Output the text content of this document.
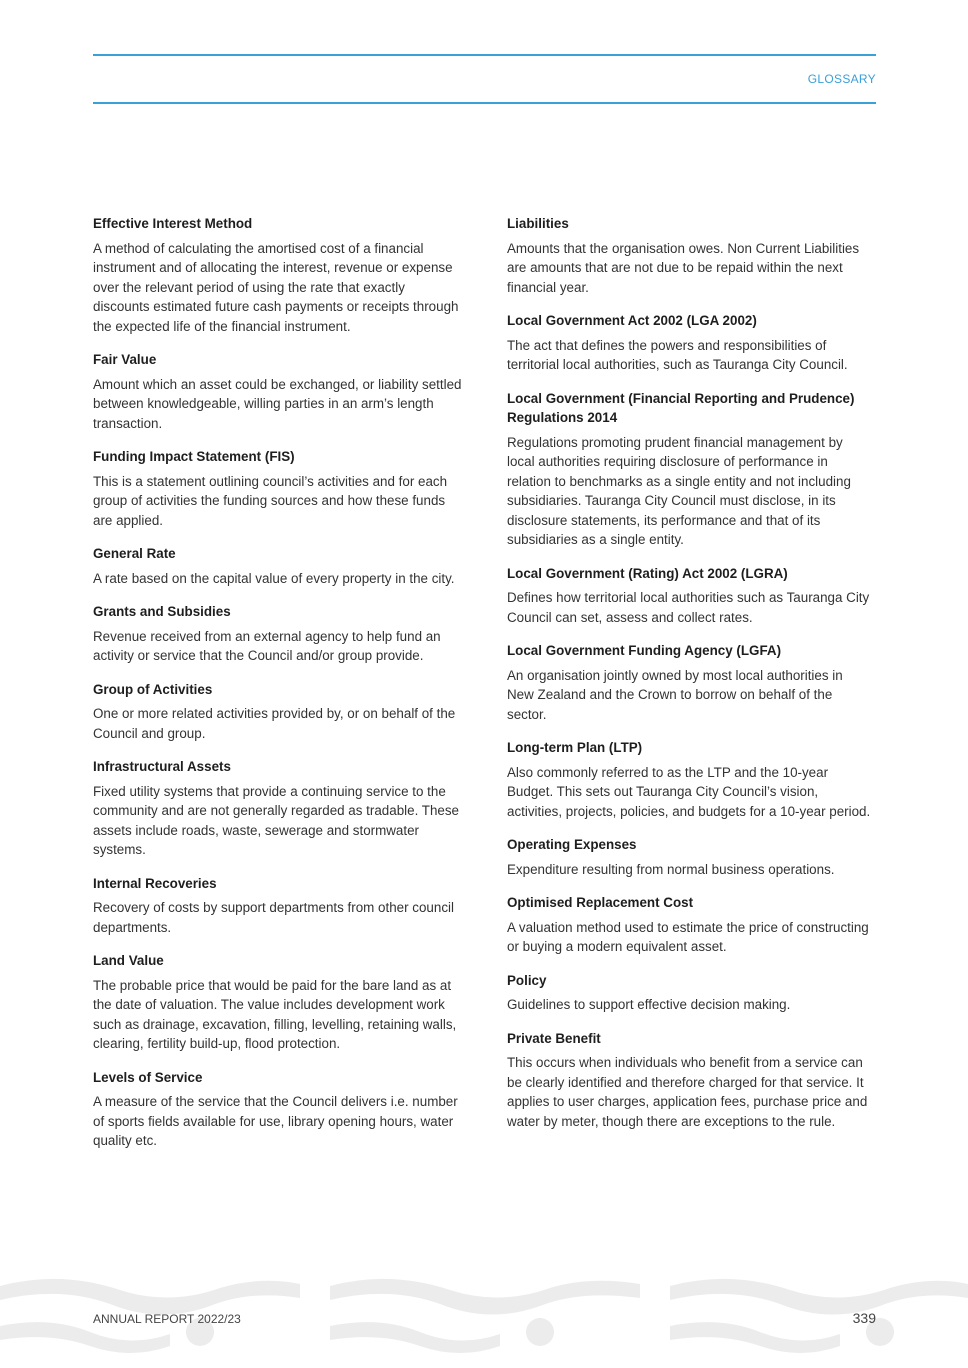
GLOSSARY
Effective Interest Method

A method of calculating the amortised cost of a financial instrument and of allocating the interest, revenue or expense over the relevant period of using the rate that exactly discounts estimated future cash payments or receipts through the expected life of the financial instrument.

Fair Value

Amount which an asset could be exchanged, or liability settled between knowledgeable, willing parties in an arm’s length transaction.

Funding Impact Statement (FIS)

This is a statement outlining council’s activities and for each group of activities the funding sources and how these funds are applied.

General Rate

A rate based on the capital value of every property in the city.

Grants and Subsidies

Revenue received from an external agency to help fund an activity or service that the Council and/or group provide.

Group of Activities

One or more related activities provided by, or on behalf of the Council and group.

Infrastructural Assets

Fixed utility systems that provide a continuing service to the community and are not generally regarded as tradable. These assets include roads, waste, sewerage and stormwater systems.

Internal Recoveries

Recovery of costs by support departments from other council departments.

Land Value

The probable price that would be paid for the bare land as at the date of valuation. The value includes development work such as drainage, excavation, filling, levelling, retaining walls, clearing, fertility build-up, flood protection.

Levels of Service

A measure of the service that the Council delivers i.e. number of sports fields available for use, library opening hours, water quality etc.

Liabilities

Amounts that the organisation owes. Non Current Liabilities are amounts that are not due to be repaid within the next financial year.

Local Government Act 2002 (LGA 2002)

The act that defines the powers and responsibilities of territorial local authorities, such as Tauranga City Council.

Local Government (Financial Reporting and Prudence) Regulations 2014

Regulations promoting prudent financial management by local authorities requiring disclosure of performance in relation to benchmarks as a single entity and not including subsidiaries. Tauranga City Council must disclose, in its disclosure statements, its performance and that of its subsidiaries as a single entity.

Local Government (Rating) Act 2002 (LGRA)

Defines how territorial local authorities such as Tauranga City Council can set, assess and collect rates.

Local Government Funding Agency (LGFA)

An organisation jointly owned by most local authorities in New Zealand and the Crown to borrow on behalf of the sector.

Long-term Plan (LTP)

Also commonly referred to as the LTP and the 10-year Budget. This sets out Tauranga City Council’s vision, activities, projects, policies, and budgets for a 10-year period.

Operating Expenses

Expenditure resulting from normal business operations.

Optimised Replacement Cost

A valuation method used to estimate the price of constructing or buying a modern equivalent asset.

Policy

Guidelines to support effective decision making.

Private Benefit

This occurs when individuals who benefit from a service can be clearly identified and therefore charged for that service. It applies to user charges, application fees, purchase price and water by meter, though there are exceptions to the rule.

ANNUAL REPORT 2022/23	339
